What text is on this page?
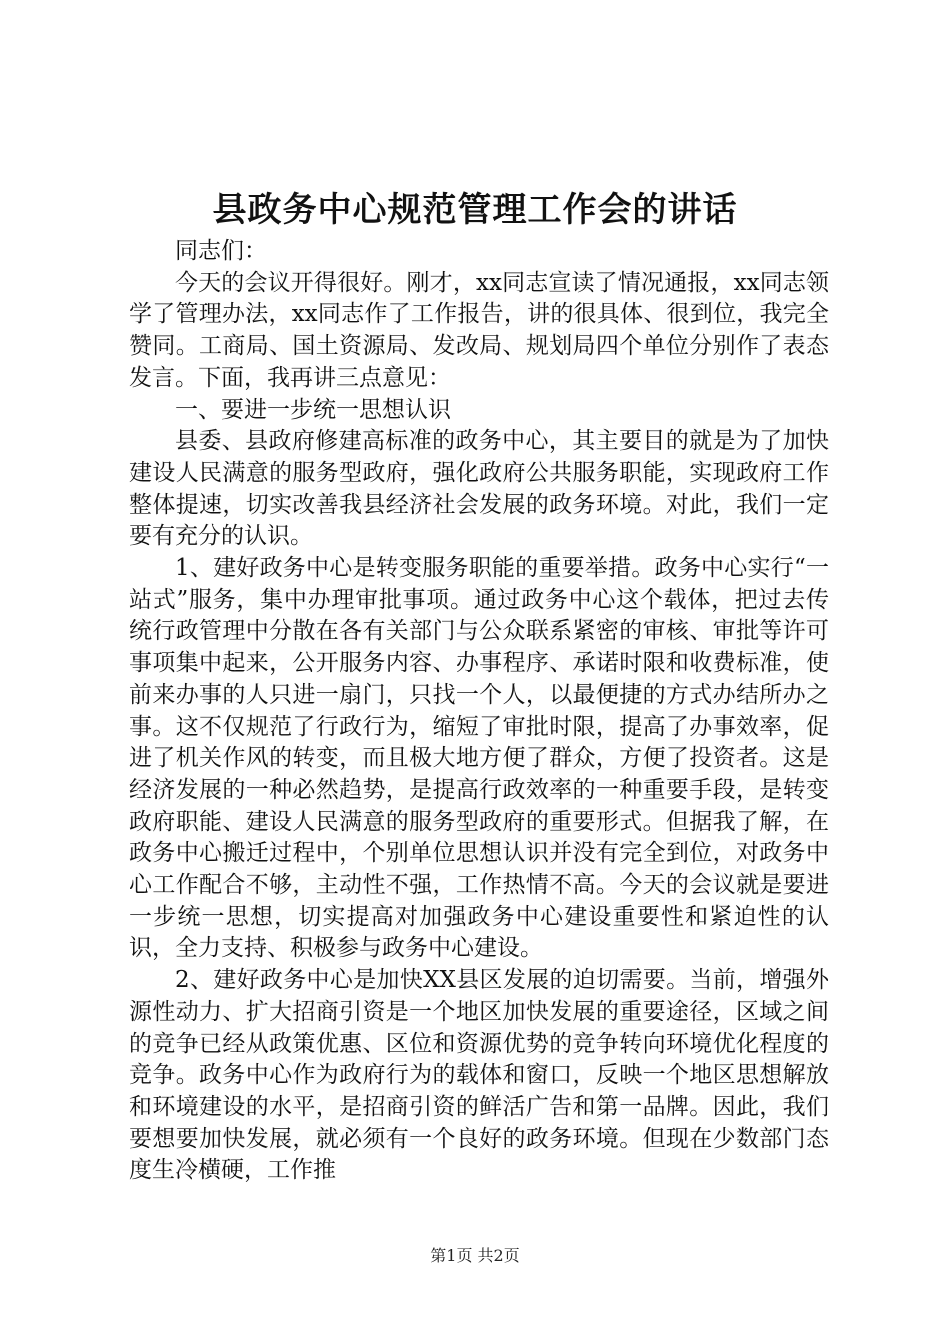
县政务中心规范管理工作会的讲话

同志们：

今天的会议开得很好。刚才，xx同志宣读了情况通报，xx同志领学了管理办法，xx同志作了工作报告，讲的很具体、很到位，我完全赞同。工商局、国土资源局、发改局、规划局四个单位分别作了表态发言。下面，我再讲三点意见：

一、要进一步统一思想认识

县委、县政府修建高标准的政务中心，其主要目的就是为了加快建设人民满意的服务型政府，强化政府公共服务职能，实现政府工作整体提速，切实改善我县经济社会发展的政务环境。对此，我们一定要有充分的认识。

1、建好政务中心是转变服务职能的重要举措。政务中心实行“一站式”服务，集中办理审批事项。通过政务中心这个载体，把过去传统行政管理中分散在各有关部门与公众联系紧密的审核、审批等许可事项集中起来，公开服务内容、办事程序、承诺时限和收费标准，使前来办事的人只进一扇门，只找一个人，以最便捷的方式办结所办之事。这不仅规范了行政行为，缩短了审批时限，提高了办事效率，促进了机关作风的转变，而且极大地方便了群众，方便了投资者。这是经济发展的一种必然趋势，是提高行政效率的一种重要手段，是转变政府职能、建设人民满意的服务型政府的重要形式。但据我了解，在政务中心搬迁过程中，个别单位思想认识并没有完全到位，对政务中心工作配合不够，主动性不强，工作热情不高。今天的会议就是要进一步统一思想，切实提高对加强政务中心建设重要性和紧迫性的认识，全力支持、积极参与政务中心建设。

2、建好政务中心是加快XX县区发展的迫切需要。当前，增强外源性动力、扩大招商引资是一个地区加快发展的重要途径，区域之间的竞争已经从政策优惠、区位和资源优势的竞争转向环境优化程度的竞争。政务中心作为政府行为的载体和窗口，反映一个地区思想解放和环境建设的水平，是招商引资的鲜活广告和第一品牌。因此，我们要想要加快发展，就必须有一个良好的政务环境。但现在少数部门态度生冷横硬，工作推

第1页 共2页
